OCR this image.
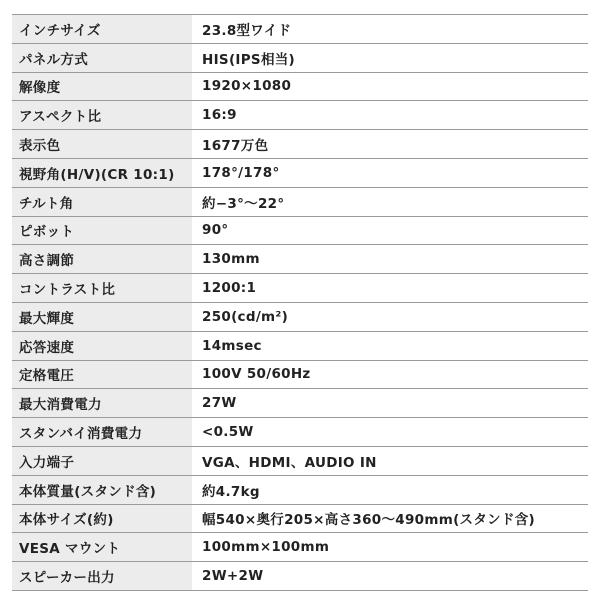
インチサイズ	23.8型ワイド
パネル方式	HIS(IPS相当)
解像度	1920×1080
アスペクト比	16:9
表示色	1677万色
視野角(H/V)(CR 10:1)	178°/178°
チルト角	約−3°〜22°
ピボット	90°
高さ調節	130mm
コントラスト比	1200:1
最大輝度	250(cd/m²)
応答速度	14msec
定格電圧	100V 50/60Hz
最大消費電力	27W
スタンバイ消費電力	<0.5W
入力端子	VGA、HDMI、AUDIO IN
本体質量(スタンド含)	約4.7kg
本体サイズ(約)	幅540×奥行205×高さ360〜490mm(スタンド含)
VESA マウント	100mm×100mm
スピーカー出力	2W+2W
